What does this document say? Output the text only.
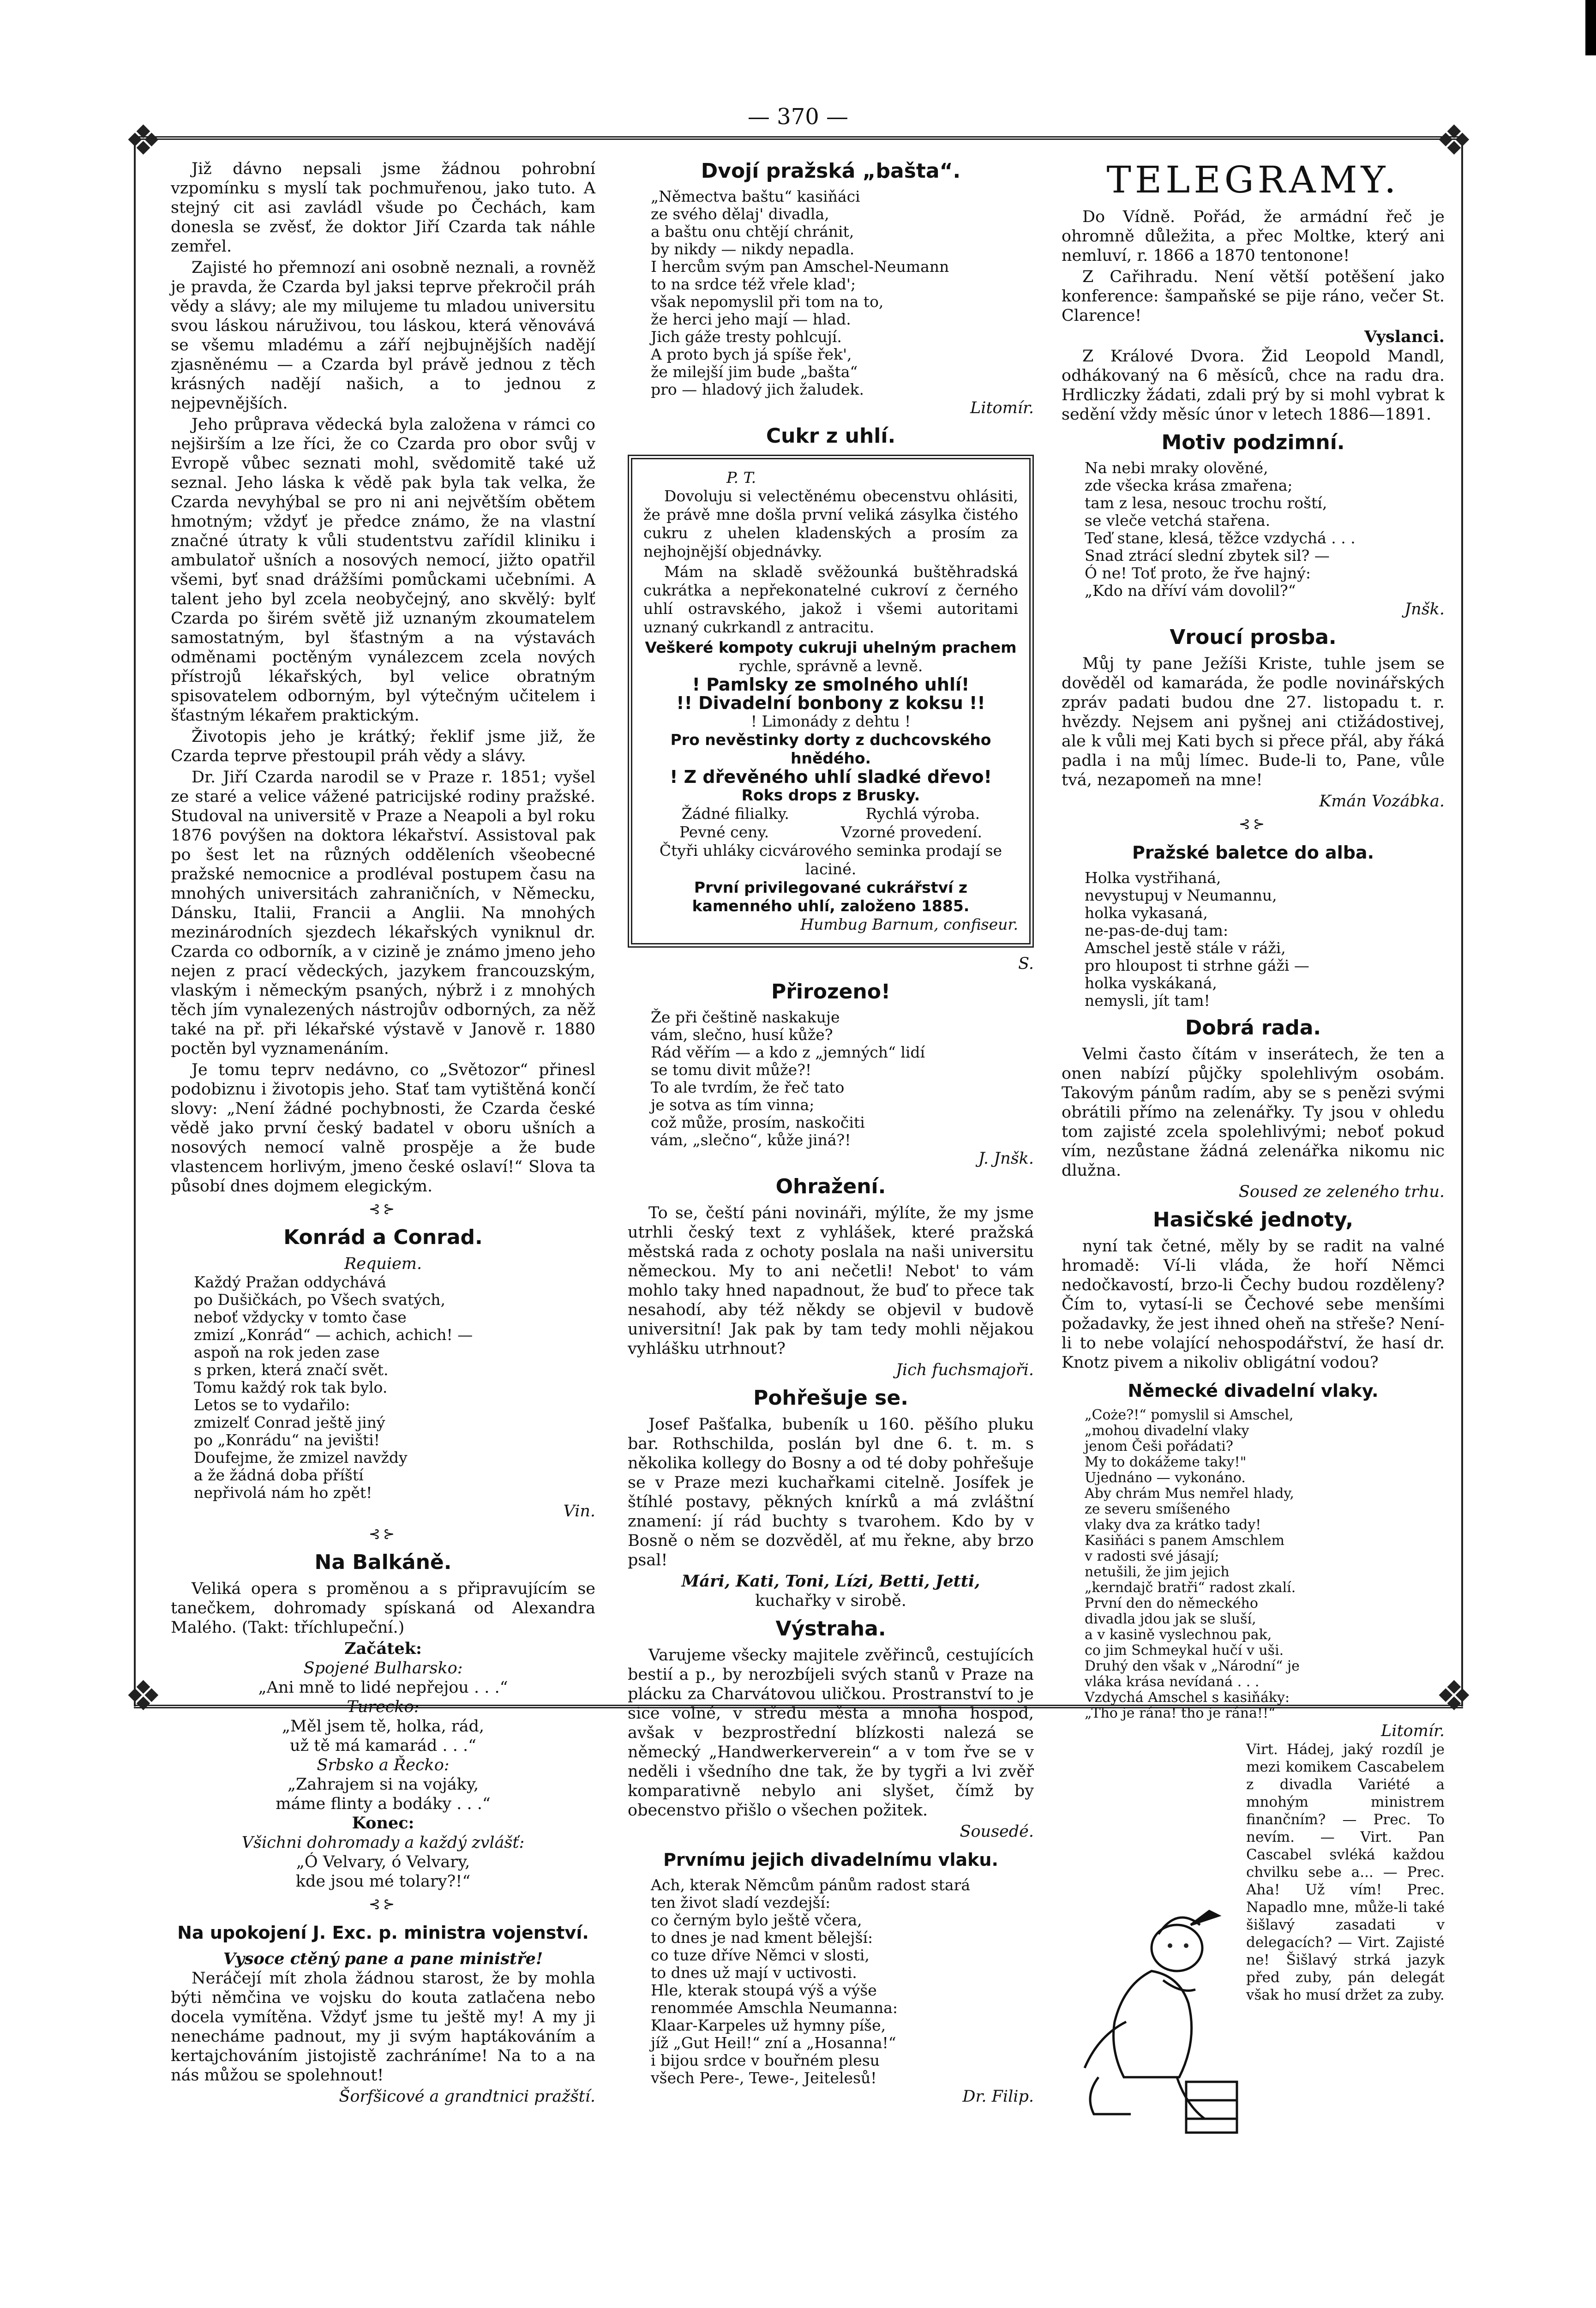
— 370 —
❖	❖
❖	❖

Již dávno nepsali jsme žádnou pohrobní vzpomínku s myslí tak pochmuřenou, jako tuto. A stejný cit asi zavládl všude po Čechách, kam donesla se zvěsť, že doktor Jiří Czarda tak náhle zemřel.

Zajisté ho přemnozí ani osobně neznali, a rovněž je pravda, že Czarda byl jaksi teprve překročil práh vědy a slávy; ale my milujeme tu mladou universitu svou láskou náruživou, tou láskou, která věnovává se všemu mladému a září nejbujnějších nadějí zjasněnému — a Czarda byl právě jednou z těch krásných nadějí našich, a to jednou z nejpevnějších.

Jeho průprava vědecká byla založena v rámci co nejširším a lze říci, že co Czarda pro obor svůj v Evropě vůbec seznati mohl, svědomitě také už seznal. Jeho láska k vědě pak byla tak velka, že Czarda nevyhýbal se pro ni ani největším obětem hmotným; vždyť je předce známo, že na vlastní značné útraty k vůli studentstvu zařídil kliniku i ambulatoř ušních a nosových nemocí, jižto opatřil všemi, byť snad drážšími pomůckami učebními. A talent jeho byl zcela neobyčejný, ano skvělý: bylť Czarda po širém světě již uznaným zkoumatelem samostatným, byl šťastným a na výstavách odměnami poctěným vynálezcem zcela nových přístrojů lékařských, byl velice obratným spisovatelem odborným, byl výtečným učitelem i šťastným lékařem praktickým.

Životopis jeho je krátký; řeklif jsme již, že Czarda teprve přestoupil práh vědy a slávy.

Dr. Jiří Czarda narodil se v Praze r. 1851; vyšel ze staré a velice vážené patricijské rodiny pražské. Studoval na universitě v Praze a Neapoli a byl roku 1876 povýšen na doktora lékařství. Assistoval pak po šest let na různých odděleních všeobecné pražské nemocnice a prodléval postupem času na mnohých universitách zahraničních, v Německu, Dánsku, Italii, Francii a Anglii. Na mnohých mezinárodních sjezdech lékařských vyniknul dr. Czarda co odborník, a v cizině je známo jmeno jeho nejen z prací vědeckých, jazykem francouzským, vlaským i německým psaných, nýbrž i z mnohých těch jím vynalezených nástrojův odborných, za něž také na př. při lékařské výstavě v Janově r. 1880 poctěn byl vyznamenáním.

Je tomu teprv nedávno, co „Světozor“ přinesl podobiznu i životopis jeho. Stať tam vytištěná končí slovy: „Není žádné pochybnosti, že Czarda české vědě jako první český badatel v oboru ušních a nosových nemocí valně prospěje a že bude vlastencem horlivým, jmeno české oslaví!“ Slova ta působí dnes dojmem elegickým.

⊰⊱
Konrád a Conrad.
Requiem.
Každý Pražan oddychává
po Dušičkách, po Všech svatých,
neboť vždycky v tomto čase
zmizí „Konrád“ — achich, achich! —
aspoň na rok jeden zase
s prken, která značí svět.
Tomu každý rok tak bylo.
Letos se to vydařilo:
zmizelť Conrad ještě jiný
po „Konrádu“ na jevišti!
Doufejme, že zmizel navždy
a že žádná doba příští
nepřivolá nám ho zpět!
Vin.
⊰⊱
Na Balkáně.

Veliká opera s proměnou a s připravujícím se tanečkem, dohromady spískaná od Alexandra Malého. (Takt: tříchlupeční.)

Začátek:
Spojené Bulharsko:
„Ani mně to lidé nepřejou . . .“
Turecko:
„Měl jsem tě, holka, rád,
už tě má kamarád . . .“
Srbsko a Řecko:
„Zahrajem si na vojáky,
máme flinty a bodáky . . .“
Konec:
Všichni dohromady a každý zvlášť:
„Ó Velvary, ó Velvary,
kde jsou mé tolary?!“
⊰⊱
Na upokojení J. Exc. p. ministra vojenství.
Vysoce ctěný pane a pane ministře!

Neráčejí mít zhola žádnou starost, že by mohla býti němčina ve vojsku do kouta zatlačena nebo docela vymítěna. Vždyť jsme tu ještě my! A my ji nenecháme padnout, my ji svým haptákováním a kertajchováním jistojistě zachráníme! Na to a na nás můžou se spolehnout!

Šorfšicové a grandtnici pražští.
Dvojí pražská „bašta“.
„Němectva baštu“ kasiňáci
ze svého dělaj' divadla,
a baštu onu chtějí chránit,
by nikdy — nikdy nepadla.
I hercům svým pan Amschel-Neumann
to na srdce též vřele klad';
však nepomyslil při tom na to,
že herci jeho mají — hlad.
Jich gáže tresty pohlcují.
A proto bych já spíše řek',
že milejší jim bude „bašta“
pro — hladový jich žaludek.
Litomír.
Cukr z uhlí.
P. T.

Dovoluju si velectěnému obecenstvu ohlásiti, že právě mne došla první veliká zásylka čistého cukru z uhelen kladenských a prosím za nejhojnější objednávky.

Mám na skladě svěžounká buštěhradská cukrátka a nepřekonatelné cukroví z černého uhlí ostravského, jakož i všemi autoritami uznaný cukrkandl z antracitu.

Veškeré kompoty cukruji uhelným prachem
rychle, správně a levně.
! Pamlsky ze smolného uhlí!
!! Divadelní bonbony z koksu !!
! Limonády z dehtu !
Pro nevěstinky dorty z duchcovského hnědého.
! Z dřevěného uhlí sladké dřevo!
Roks drops z Brusky.
Žádné filialky.	Rychlá výroba.
Pevné ceny.	Vzorné provedení.
Čtyři uhláky cicvárového seminka prodají se laciné.
První privilegované cukrářství z kamenného uhlí, založeno 1885.
Humbug Barnum, confiseur.
S.
Přirozeno!
Že při češtině naskakuje
vám, slečno, husí kůže?
Rád věřím — a kdo z „jemných“ lidí
se tomu divit může?!
To ale tvrdím, že řeč tato
je sotva as tím vinna;
což může, prosím, naskočiti
vám, „slečno“, kůže jiná?!
J. Jnšk.
Ohražení.

To se, čeští páni novináři, mýlíte, že my jsme utrhli český text z vyhlášek, které pražská městská rada z ochoty poslala na naši universitu německou. My to ani nečetli! Nebot' to vám mohlo taky hned napadnout, že buď to přece tak nesahodí, aby též někdy se objevil v budově universitní! Jak pak by tam tedy mohli nějakou vyhlášku utrhnout?

Jich fuchsmajoři.
Pohřešuje se.

Josef Pašťalka, bubeník u 160. pěšího pluku bar. Rothschilda, poslán byl dne 6. t. m. s několika kollegy do Bosny a od té doby pohřešuje se v Praze mezi kuchařkami citelně. Josífek je štíhlé postavy, pěkných knírků a má zvláštní znamení: jí rád buchty s tvarohem. Kdo by v Bosně o něm se dozvěděl, ať mu řekne, aby brzo psal!

Mári, Kati, Toni, Lízi, Betti, Jetti,
kuchařky v sirobě.
Výstraha.

Varujeme všecky majitele zvěřinců, cestujících bestií a p., by nerozbíjeli svých stanů v Praze na plácku za Charvátovou uličkou. Prostranství to je sice volné, v středu města a mnoha hospod, avšak v bezprostřední blízkosti nalezá se německý „Handwerkerverein“ a v tom řve se v neděli i všedního dne tak, že by tygři a lvi zvěř komparativně nebylo ani slyšet, čímž by obecenstvo přišlo o všechen požitek.

Sousedé.
Prvnímu jejich divadelnímu vlaku.
Ach, kterak Němcům pánům radost stará
ten život sladí vezdejší:
co černým bylo ještě včera,
to dnes je nad kment bělejší:
co tuze dříve Němci v slosti,
to dnes už mají v uctivosti.
Hle, kterak stoupá výš a výše
renommée Amschla Neumanna:
Klaar-Karpeles už hymny píše,
jíž „Gut Heil!“ zní a „Hosanna!“
i bijou srdce v bouřném plesu
všech Pere-, Tewe-, Jeitelesů!
Dr. Filip.
TELEGRAMY.

Do Vídně. Pořád, že armádní řeč je ohromně důležita, a přec Moltke, který ani nemluví, r. 1866 a 1870 tentonone!

Z Cařihradu. Není větší potěšení jako konference: šampaňské se pije ráno, večer St. Clarence!

Vyslanci.

Z Králové Dvora. Žid Leopold Mandl, odhákovaný na 6 měsíců, chce na radu dra. Hrdliczky žádati, zdali prý by si mohl vybrat k sedění vždy měsíc únor v letech 1886—1891.

Motiv podzimní.
Na nebi mraky olověné,
zde všecka krása zmařena;
tam z lesa, nesouc trochu roští,
se vleče vetchá stařena.
Teď stane, klesá, těžce vzdychá . . .
Snad ztrácí slední zbytek sil? —
Ó ne! Toť proto, že řve hajný:
„Kdo na dříví vám dovolil?“
Jnšk.
Vroucí prosba.

Můj ty pane Ježíši Kriste, tuhle jsem se dověděl od kamaráda, že podle novinářských zpráv padati budou dne 27. listopadu t. r. hvězdy. Nejsem ani pyšnej ani ctižádostivej, ale k vůli mej Kati bych si přece přál, aby řáká padla i na můj límec. Bude-li to, Pane, vůle tvá, nezapomeň na mne!

Kmán Vozábka.
⊰⊱
Pražské baletce do alba.
Holka vystřihaná,
nevystupuj v Neumannu,
holka vykasaná,
ne-pas-de-duj tam:
Amschel jestě stále v ráži,
pro hloupost ti strhne gáži —
holka vyskákaná,
nemysli, jít tam!
Dobrá rada.

Velmi často čítám v inserátech, že ten a onen nabízí půjčky spolehlivým osobám. Takovým pánům radím, aby se s penězi svými obrátili přímo na zelenářky. Ty jsou v ohledu tom zajisté zcela spolehlivými; neboť pokud vím, nezůstane žádná zelenářka nikomu nic dlužna.

Soused ze zeleného trhu.
Hasičské jednoty,

nyní tak četné, měly by se radit na valné hromadě: Ví-li vláda, že hoří Němci nedočkavostí, brzo-li Čechy budou rozděleny? Čím to, vytasí-li se Čechové sebe menšími požadavky, že jest ihned oheň na střeše? Není-li to nebe volající nehospodářství, že hasí dr. Knotz pivem a nikoliv obligátní vodou?

Německé divadelní vlaky.
„Coże?!“ pomyslil si Amschel,
„mohou divadelní vlaky
jenom Češi pořádati?
My to dokážeme taky!"
Ujednáno — vykonáno.
Aby chrám Mus nemřel hlady,
ze severu smíšeného
vlaky dva za krátko tady!
Kasiňáci s panem Amschlem
v radosti své jásají;
netušili, že jim jejich
„kerndajč bratři“ radost zkalí.
První den do německého
divadla jdou jak se sluší,
a v kasině vyslechnou pak,
co jim Schmeykal hučí v uši.
Druhý den však v „Národní“ je
vláka krása nevídaná . . .
Vzdychá Amschel s kasiňáky:
„Tho je rána! tho je rána!!“
Litomír.

Virt. Hádej, jaký rozdíl je mezi komikem Cascabelem z divadla Variété a mnohým ministrem finančním? — Prec. To nevím. — Virt. Pan Cascabel svléká každou chvilku sebe a... — Prec. Aha! Už vím! Prec. Napadlo mne, může-li také šišlavý zasadati v delegacích? — Virt. Zajisté ne! Šišlavý strká jazyk před zuby, pán delegát však ho musí držet za zuby.
